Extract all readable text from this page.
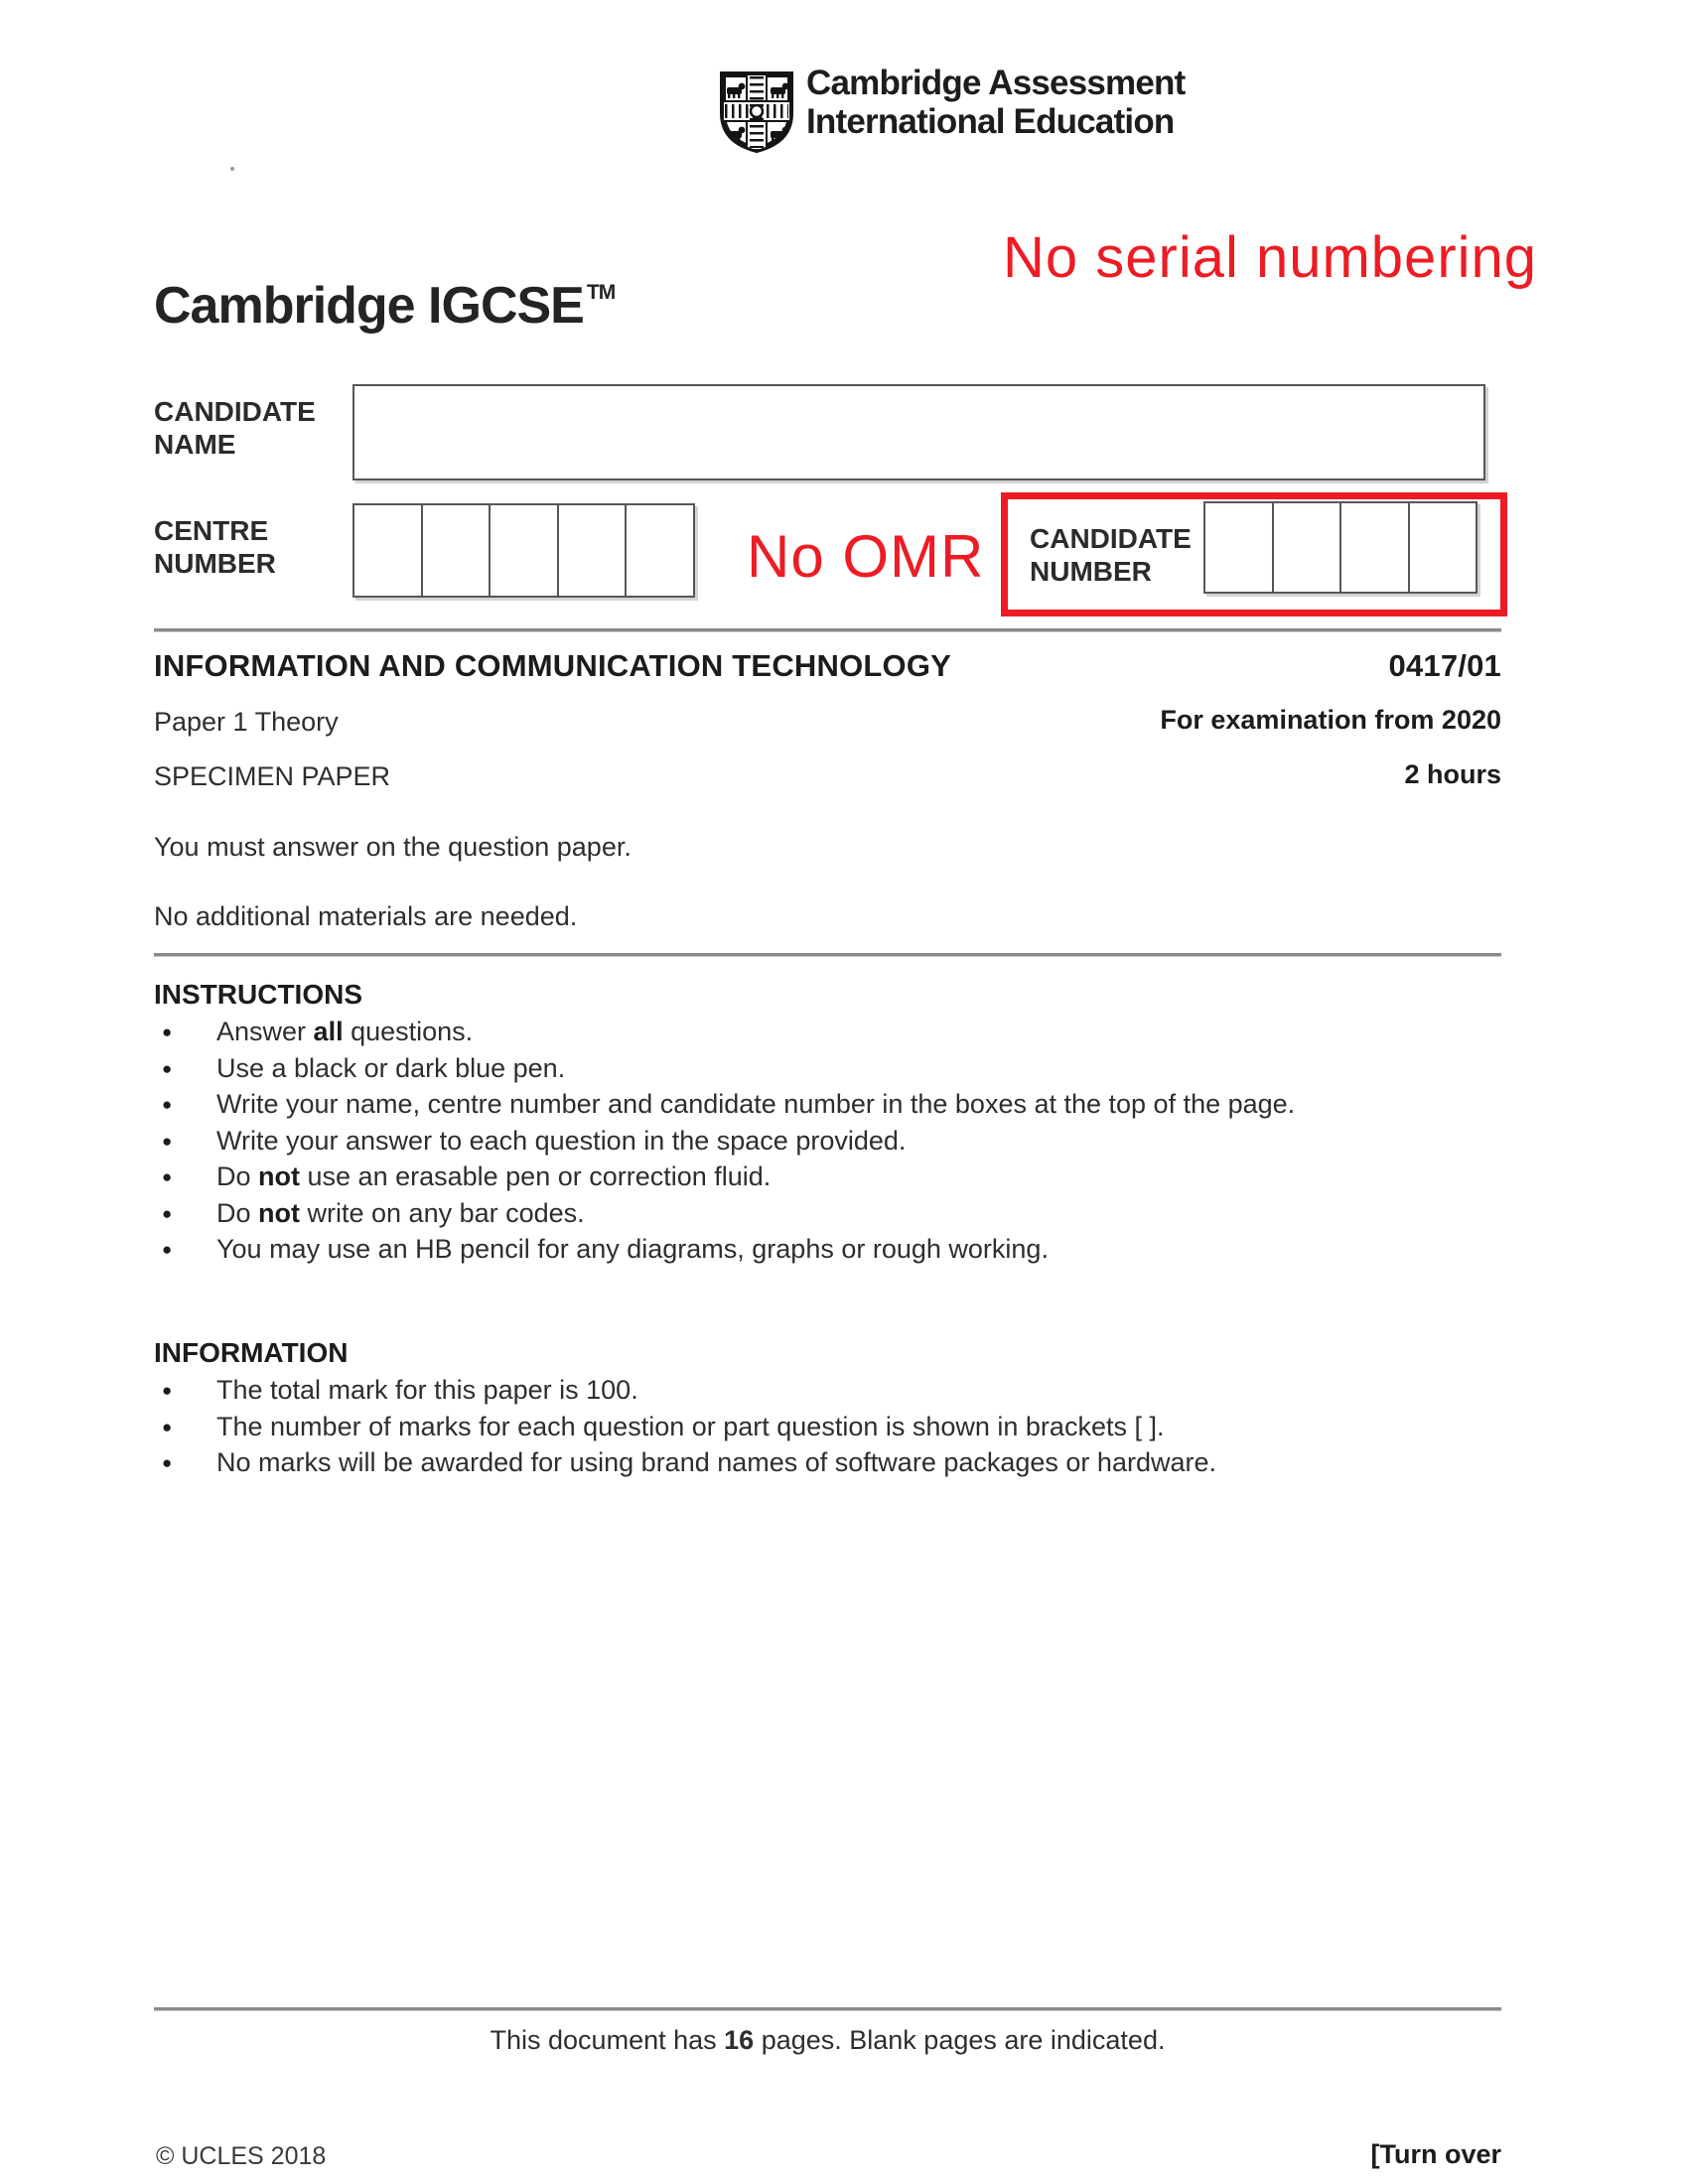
Cambridge Assessment
International Education
No serial numbering
Cambridge IGCSE ™
CANDIDATE NAME
CENTRE NUMBER	No OMR CANDIDATE NUMBER
INFORMATION AND COMMUNICATION TECHNOLOGY	0417/01
Paper 1 Theory	For examination from 2020
SPECIMEN PAPER	2 hours
You must answer on the question paper.
No additional materials are needed.
INSTRUCTIONS
●	Answer all questions.
●	Use a black or dark blue pen.
●	Write your name, centre number and candidate number in the boxes at the top of the page.
●	Write your answer to each question in the space provided.
●	Do not use an erasable pen or correction fluid.
●	Do not write on any bar codes.
●	You may use an HB pencil for any diagrams, graphs or rough working.
INFORMATION
●	The total mark for this paper is 100.
●	The number of marks for each question or part question is shown in brackets [ ].
●	No marks will be awarded for using brand names of software packages or hardware.
This document has 16 pages. Blank pages are indicated.
© UCLES 2018	[Turn over
